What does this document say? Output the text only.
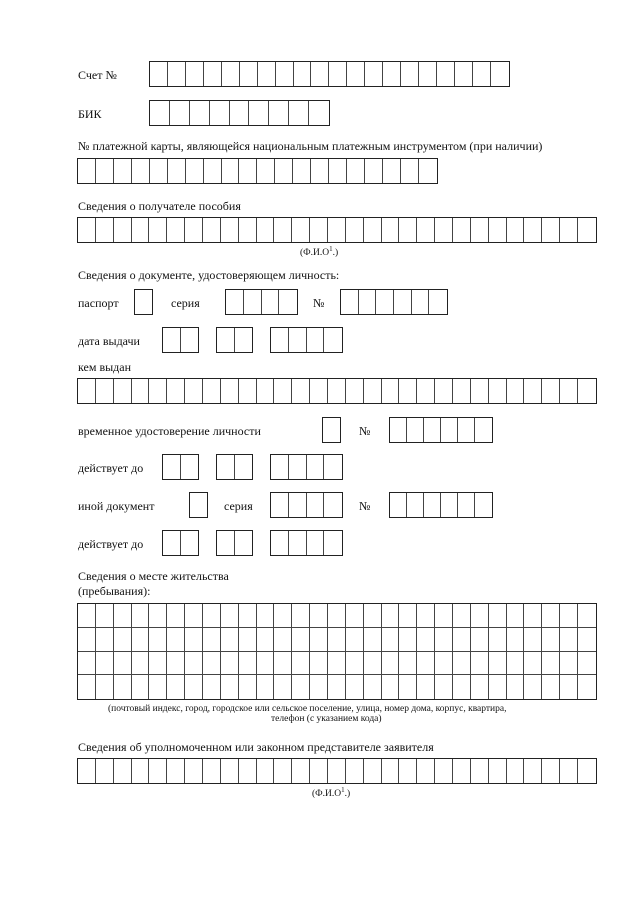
Счет №
БИК
№ платежной карты, являющейся национальным платежным инструментом (при наличии)
Сведения о получателе пособия
$(Ф.И.О^1.)$
Сведения о документе, удостоверяющем личность:
паспорт	серия	№
дата выдачи
кем выдан
временное удостоверение личности	№
действует до
иной документ	серия	№
действует до
Сведения о месте жительства
(пребывания):
(почтовый индекс, город, городское или сельское поселение, улица, номер дома, корпус, квартира,
телефон (с указанием кода)
Сведения об уполномоченном или законном представителе заявителя
$(Ф.И.О^1.)$
